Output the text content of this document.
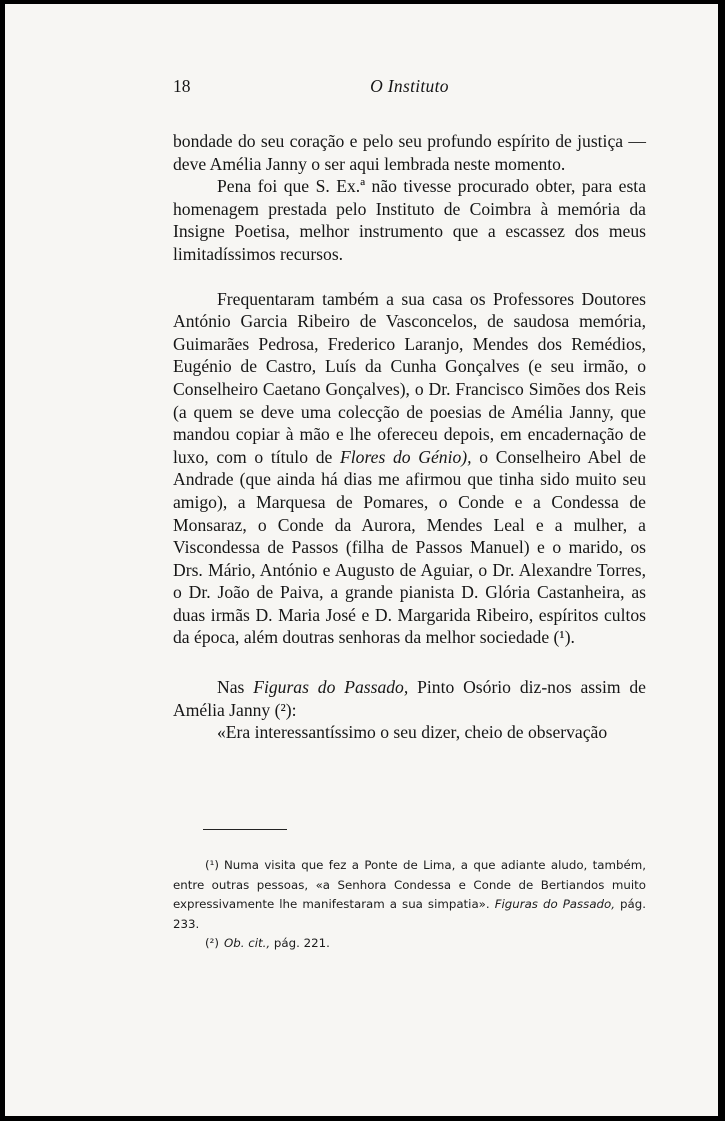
18	O Instituto

bondade do seu coração e pelo seu profundo espírito de justiça — deve Amélia Janny o ser aqui lembrada neste momento.

Pena foi que S. Ex.ª não tivesse procurado obter, para esta homenagem prestada pelo Instituto de Coimbra à memória da Insigne Poetisa, melhor instrumento que a escassez dos meus limitadíssimos recursos.

Frequentaram também a sua casa os Professores Doutores António Garcia Ribeiro de Vasconcelos, de saudosa memória, Guimarães Pedrosa, Frederico Laranjo, Mendes dos Remédios, Eugénio de Castro, Luís da Cunha Gonçalves (e seu irmão, o Conselheiro Caetano Gonçalves), o Dr. Francisco Simões dos Reis (a quem se deve uma colecção de poesias de Amélia Janny, que mandou copiar à mão e lhe ofereceu depois, em encadernação de luxo, com o título de Flores do Génio), o Conselheiro Abel de Andrade (que ainda há dias me afirmou que tinha sido muito seu amigo), a Marquesa de Pomares, o Conde e a Condessa de Monsaraz, o Conde da Aurora, Mendes Leal e a mulher, a Viscondessa de Passos (filha de Passos Manuel) e o marido, os Drs. Mário, António e Augusto de Aguiar, o Dr. Alexandre Torres, o Dr. João de Paiva, a grande pianista D. Glória Castanheira, as duas irmãs D. Maria José e D. Margarida Ribeiro, espíritos cultos da época, além doutras senhoras da melhor sociedade (¹).

Nas Figuras do Passado, Pinto Osório diz-nos assim de Amélia Janny (²):

«Era interessantíssimo o seu dizer, cheio de observação

(¹) Numa visita que fez a Ponte de Lima, a que adiante aludo, também, entre outras pessoas, «a Senhora Condessa e Conde de Bertiandos muito expressivamente lhe manifestaram a sua simpatia». Figuras do Passado, pág. 233.

(²) Ob. cit., pág. 221.
